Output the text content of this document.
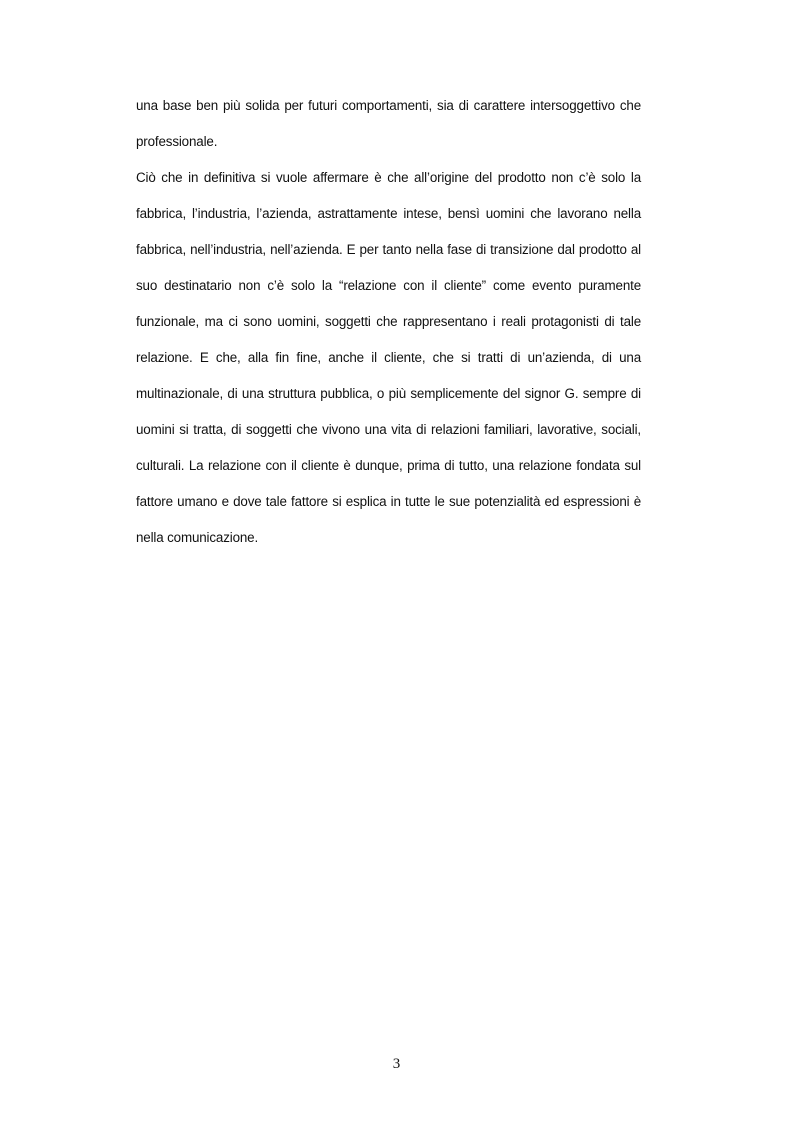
una base ben più solida per futuri comportamenti, sia di carattere intersoggettivo che
professionale.
Ciò che in definitiva si vuole affermare è che all’origine del prodotto non c’è solo la
fabbrica, l’industria, l’azienda, astrattamente intese, bensì uomini che lavorano nella
fabbrica, nell’industria, nell’azienda. E per tanto nella fase di transizione dal prodotto al
suo destinatario non c’è solo la “relazione con il cliente” come evento puramente
funzionale, ma ci sono uomini, soggetti che rappresentano i reali protagonisti di tale
relazione. E che, alla fin fine, anche il cliente, che si tratti di un’azienda, di una
multinazionale, di una struttura pubblica, o più semplicemente del signor G. sempre di
uomini si tratta, di soggetti che vivono una vita di relazioni familiari, lavorative, sociali,
culturali. La relazione con il cliente è dunque, prima di tutto, una relazione fondata sul
fattore umano e dove tale fattore si esplica in tutte le sue potenzialità ed espressioni è
nella comunicazione.
3
